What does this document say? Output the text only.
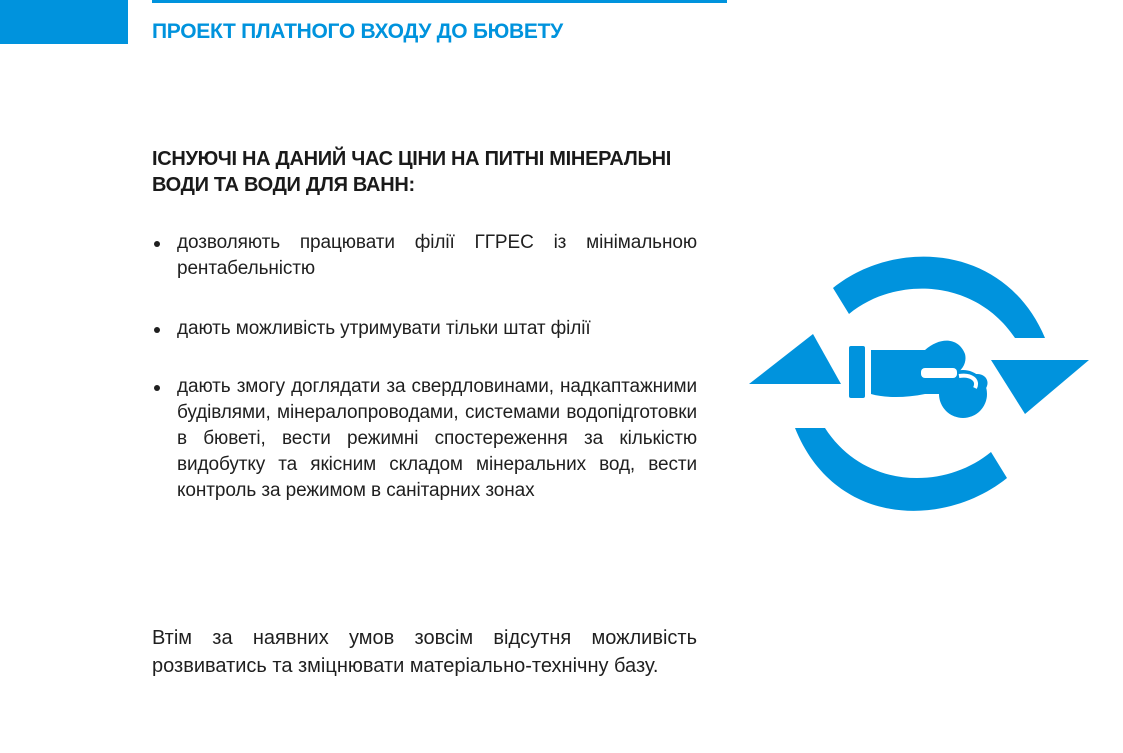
ПРОЕКТ ПЛАТНОГО ВХОДУ ДО БЮВЕТУ
ІСНУЮЧІ НА ДАНИЙ ЧАС ЦІНИ НА ПИТНІ МІНЕРАЛЬНІ ВОДИ ТА ВОДИ ДЛЯ ВАНН:
дозволяють працювати філії ГГРЕС із мінімальною рентабельністю
дають можливість утримувати тільки штат філії
дають змогу доглядати за свердловинами, надкаптажними будівлями, мінералопроводами, системами водопідготовки в бюветі, вести режимні спостереження за кількістю видобутку та якісним складом мінеральних вод, вести контроль за режимом в санітарних зонах

Втім за наявних умов зовсім відсутня можливість розвиватись та зміцнювати матеріально-технічну базу.
